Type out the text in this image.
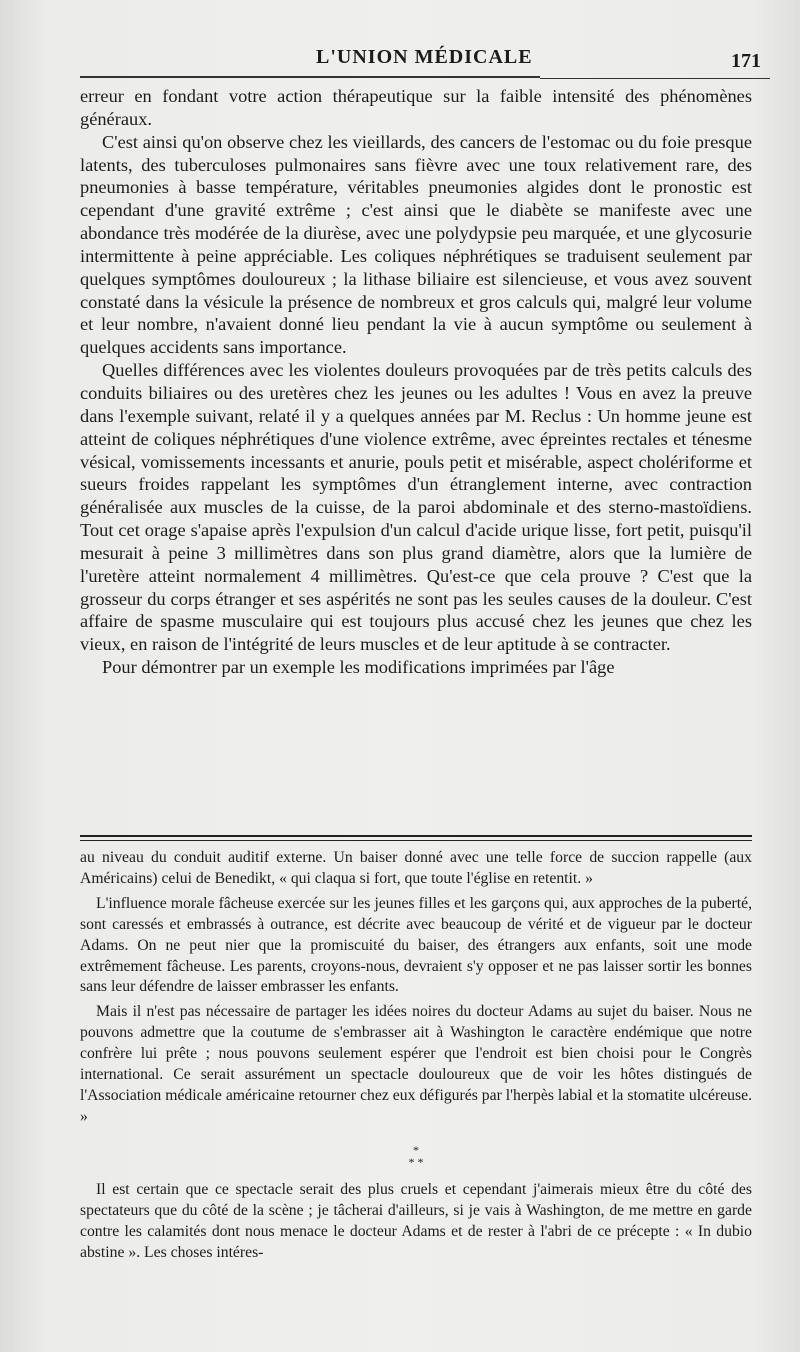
L'UNION MÉDICALE	171

erreur en fondant votre action thérapeutique sur la faible intensité des phénomènes généraux.

C'est ainsi qu'on observe chez les vieillards, des cancers de l'estomac ou du foie presque latents, des tuberculoses pulmonaires sans fièvre avec une toux relativement rare, des pneumonies à basse température, véritables pneumonies algides dont le pronostic est cependant d'une gravité extrême ; c'est ainsi que le diabète se manifeste avec une abondance très modérée de la diurèse, avec une polydypsie peu marquée, et une glycosurie intermittente à peine appréciable. Les coliques néphrétiques se traduisent seulement par quelques symptômes douloureux ; la lithase biliaire est silencieuse, et vous avez souvent constaté dans la vésicule la présence de nombreux et gros calculs qui, malgré leur volume et leur nombre, n'avaient donné lieu pendant la vie à aucun symptôme ou seulement à quelques accidents sans importance.

Quelles différences avec les violentes douleurs provoquées par de très petits calculs des conduits biliaires ou des uretères chez les jeunes ou les adultes ! Vous en avez la preuve dans l'exemple suivant, relaté il y a quelques années par M. Reclus : Un homme jeune est atteint de coliques néphrétiques d'une violence extrême, avec épreintes rectales et ténesme vésical, vomissements incessants et anurie, pouls petit et misérable, aspect cholériforme et sueurs froides rappelant les symptômes d'un étranglement interne, avec contraction généralisée aux muscles de la cuisse, de la paroi abdominale et des sterno-mastoïdiens. Tout cet orage s'apaise après l'expulsion d'un calcul d'acide urique lisse, fort petit, puisqu'il mesurait à peine 3 millimètres dans son plus grand diamètre, alors que la lumière de l'uretère atteint normalement 4 millimètres. Qu'est-ce que cela prouve ? C'est que la grosseur du corps étranger et ses aspérités ne sont pas les seules causes de la douleur. C'est affaire de spasme musculaire qui est toujours plus accusé chez les jeunes que chez les vieux, en raison de l'intégrité de leurs muscles et de leur aptitude à se contracter.

Pour démontrer par un exemple les modifications imprimées par l'âge

au niveau du conduit auditif externe. Un baiser donné avec une telle force de succion rappelle (aux Américains) celui de Benedikt, « qui claqua si fort, que toute l'église en retentit. »

L'influence morale fâcheuse exercée sur les jeunes filles et les garçons qui, aux approches de la puberté, sont caressés et embrassés à outrance, est décrite avec beaucoup de vérité et de vigueur par le docteur Adams. On ne peut nier que la promiscuité du baiser, des étrangers aux enfants, soit une mode extrêmement fâcheuse. Les parents, croyons-nous, devraient s'y opposer et ne pas laisser sortir les bonnes sans leur défendre de laisser embrasser les enfants.

Mais il n'est pas nécessaire de partager les idées noires du docteur Adams au sujet du baiser. Nous ne pouvons admettre que la coutume de s'embrasser ait à Washington le caractère endémique que notre confrère lui prête ; nous pouvons seulement espérer que l'endroit est bien choisi pour le Congrès international. Ce serait assurément un spectacle douloureux que de voir les hôtes distingués de l'Association médicale américaine retourner chez eux défigurés par l'herpès labial et la stomatite ulcéreuse. »

*
* *

Il est certain que ce spectacle serait des plus cruels et cependant j'aimerais mieux être du côté des spectateurs que du côté de la scène ; je tâcherai d'ailleurs, si je vais à Washington, de me mettre en garde contre les calamités dont nous menace le docteur Adams et de rester à l'abri de ce précepte : « In dubio abstine ». Les choses intéres-
